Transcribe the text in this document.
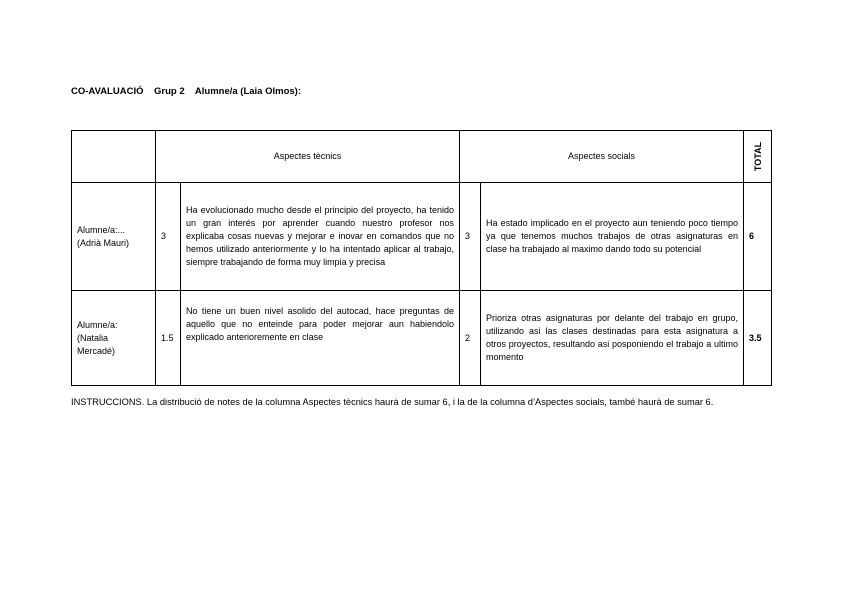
CO-AVALUACIÓ Grup 2 Alumne/a (Laia Olmos):
	Aspectes tècnics		Aspectes socials		TOTAL
Alumne/a:...
(Adrià Mauri)	3	Ha evolucionado mucho desde el principio del proyecto, ha tenido un gran interés por aprender cuando nuestro profesor nos explicaba cosas nuevas y mejorar e inovar en comandos que no hemos utilizado anteriormente y lo ha intentado aplicar al trabajo, siempre trabajando de forma muy limpia y precisa	3	Ha estado implicado en el proyecto aun teniendo poco tiempo ya que tenemos muchos trabajos de otras asignaturas en clase ha trabajado al maximo dando todo su potencial	6
Alumne/a:
(Natalia
Mercadé)	1.5	No tiene un buen nivel asolido del autocad, hace preguntas de aquello que no enteinde para poder mejorar aun habiendolo explicado anterioremente en clase	2	Prioriza otras asignaturas por delante del trabajo en grupo, utilizando asi las clases destinadas para esta asignatura a otros proyectos, resultando asi posponiendo el trabajo a ultimo momento	3.5
INSTRUCCIONS. La distribució de notes de la columna Aspectes tècnics haurà de sumar 6, i la de la columna d’Aspectes socials, també haurà de sumar 6.
